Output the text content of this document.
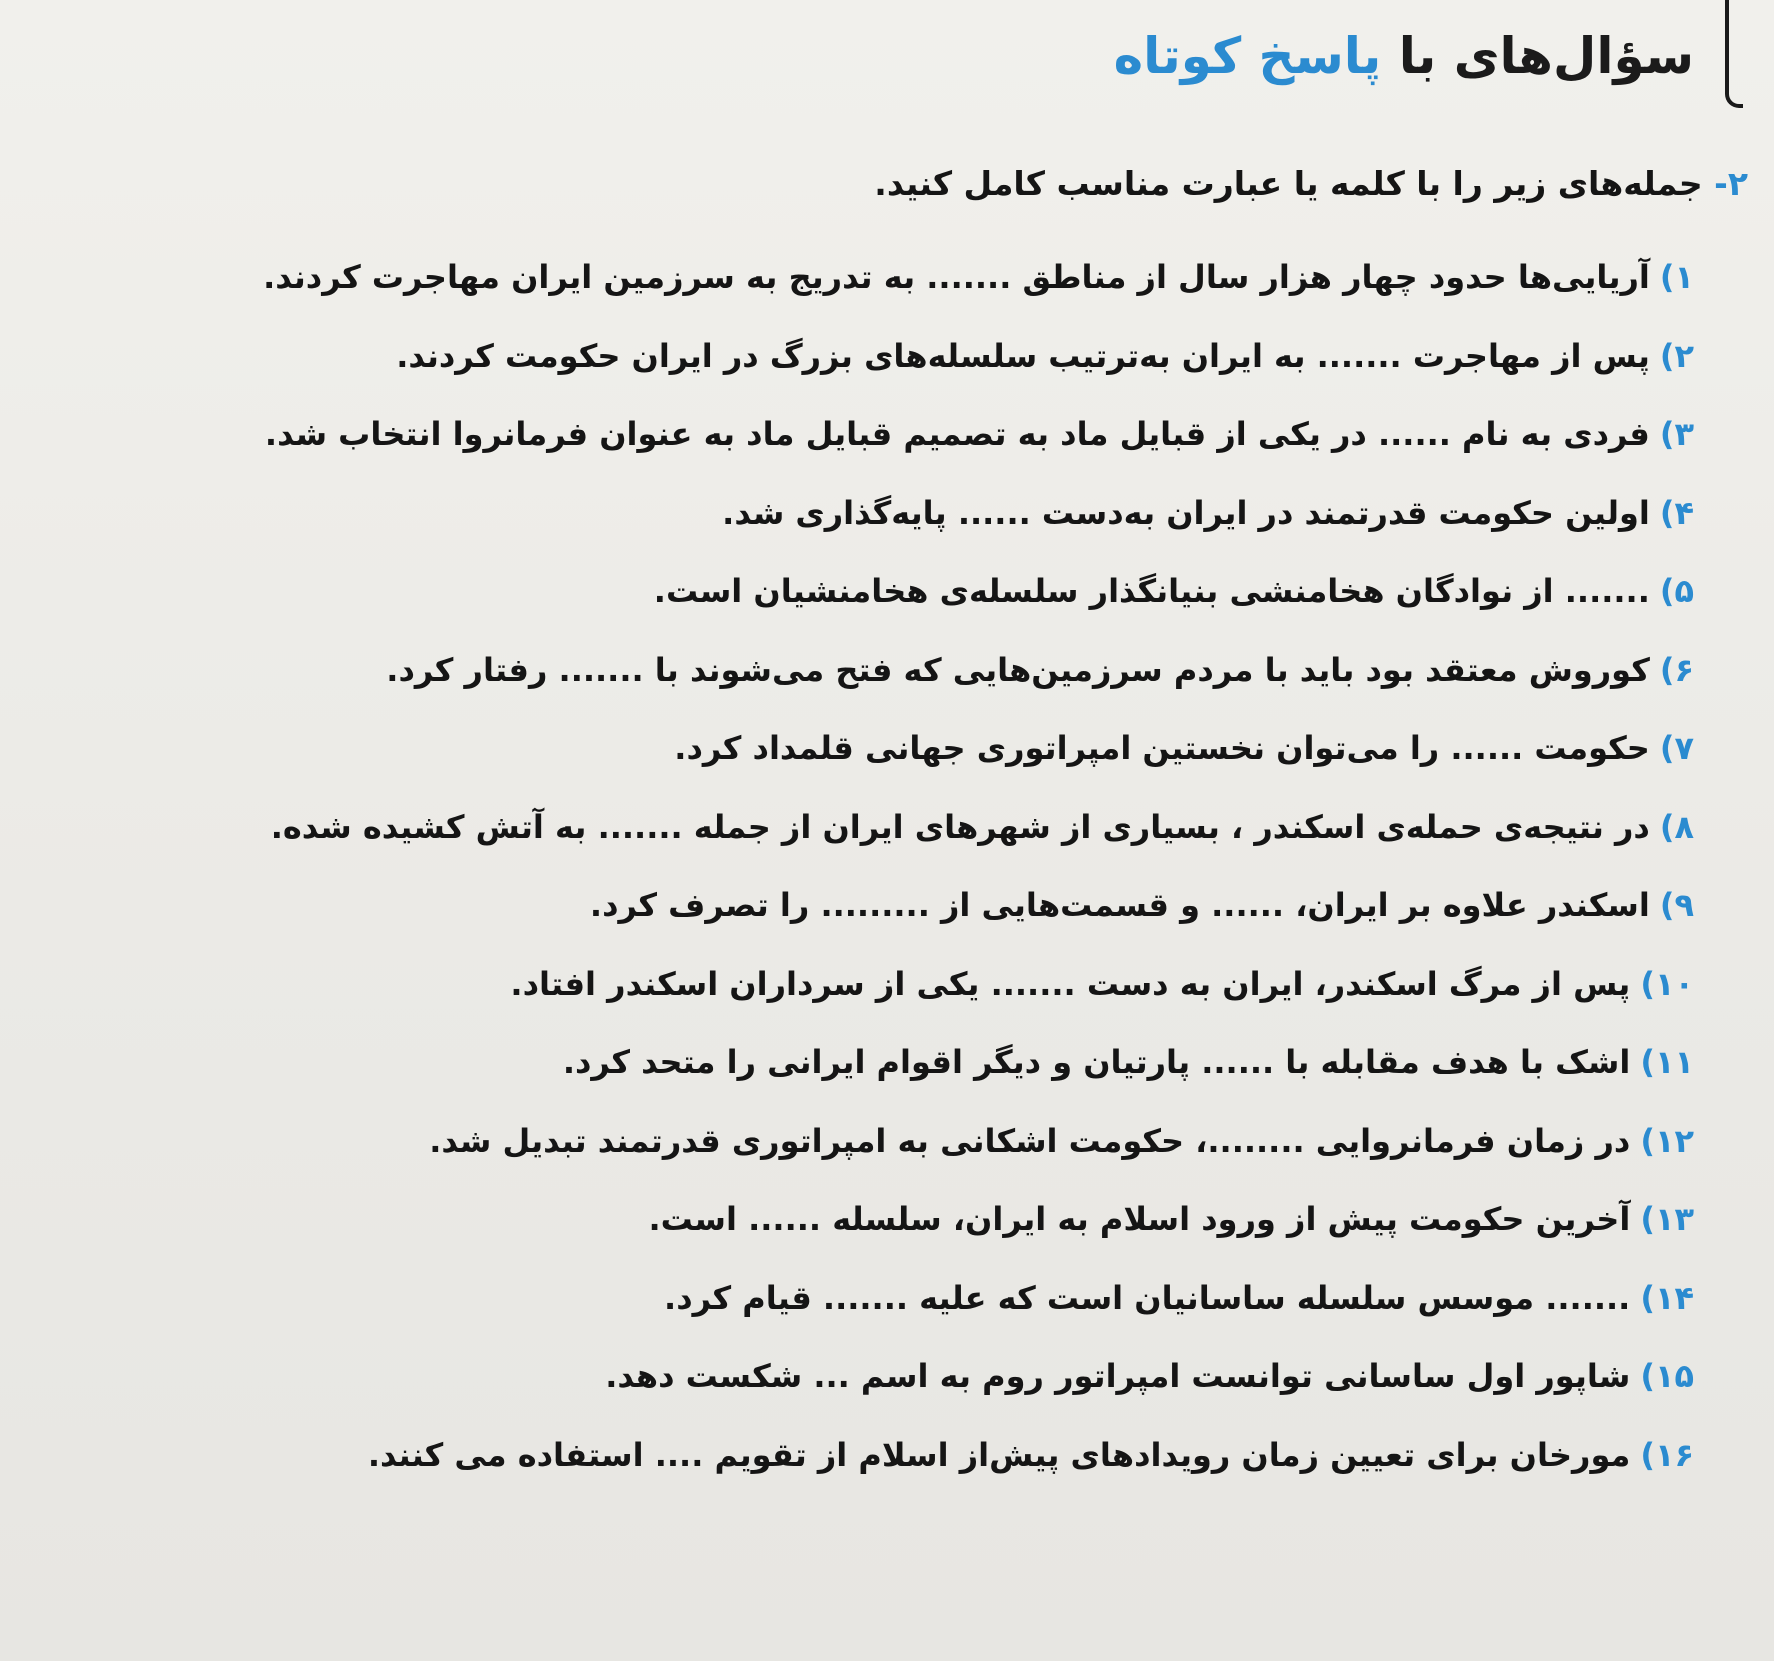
سؤال‌های با پاسخ کوتاه
۲- جمله‌های زیر را با کلمه یا عبارت مناسب کامل کنید.
۱)آریایی‌ها حدود چهار هزار سال از مناطق ....... به تدریج به سرزمین ایران مهاجرت کردند.
۲)پس از مهاجرت ....... به ایران به‌ترتیب سلسله‌های بزرگ در ایران حکومت کردند.
۳)فردی به نام ...... در یکی از قبایل ماد به تصمیم قبایل ماد به عنوان فرمانروا انتخاب شد.
۴)اولین حکومت قدرتمند در ایران به‌دست ...... پایه‌گذاری شد.
۵)....... از نوادگان هخامنشی بنیانگذار سلسله‌ی هخامنشیان است.
۶)کوروش معتقد بود باید با مردم سرزمین‌هایی که فتح می‌شوند با ....... رفتار کرد.
۷)حکومت ...... را می‌توان نخستین امپراتوری جهانی قلمداد کرد.
۸)در نتیجه‌ی حمله‌ی اسکندر ، بسیاری از شهرهای ایران از جمله ....... به آتش کشیده شده.
۹)اسکندر علاوه بر ایران، ...... و قسمت‌هایی از ......... را تصرف کرد.
۱۰)پس از مرگ اسکندر، ایران به دست ....... یکی از سرداران اسکندر افتاد.
۱۱)اشک با هدف مقابله با ...... پارتیان و دیگر اقوام ایرانی را متحد کرد.
۱۲)در زمان فرمانروایی ........، حکومت اشکانی به امپراتوری قدرتمند تبدیل شد.
۱۳)آخرین حکومت پیش از ورود اسلام به ایران، سلسله ...... است.
۱۴)....... موسس سلسله ساسانیان است که علیه ....... قیام کرد.
۱۵)شاپور اول ساسانی توانست امپراتور روم به اسم ... شکست دهد.
۱۶)مورخان برای تعیین زمان رویدادهای پیش‌از اسلام از تقویم .... استفاده می کنند.
